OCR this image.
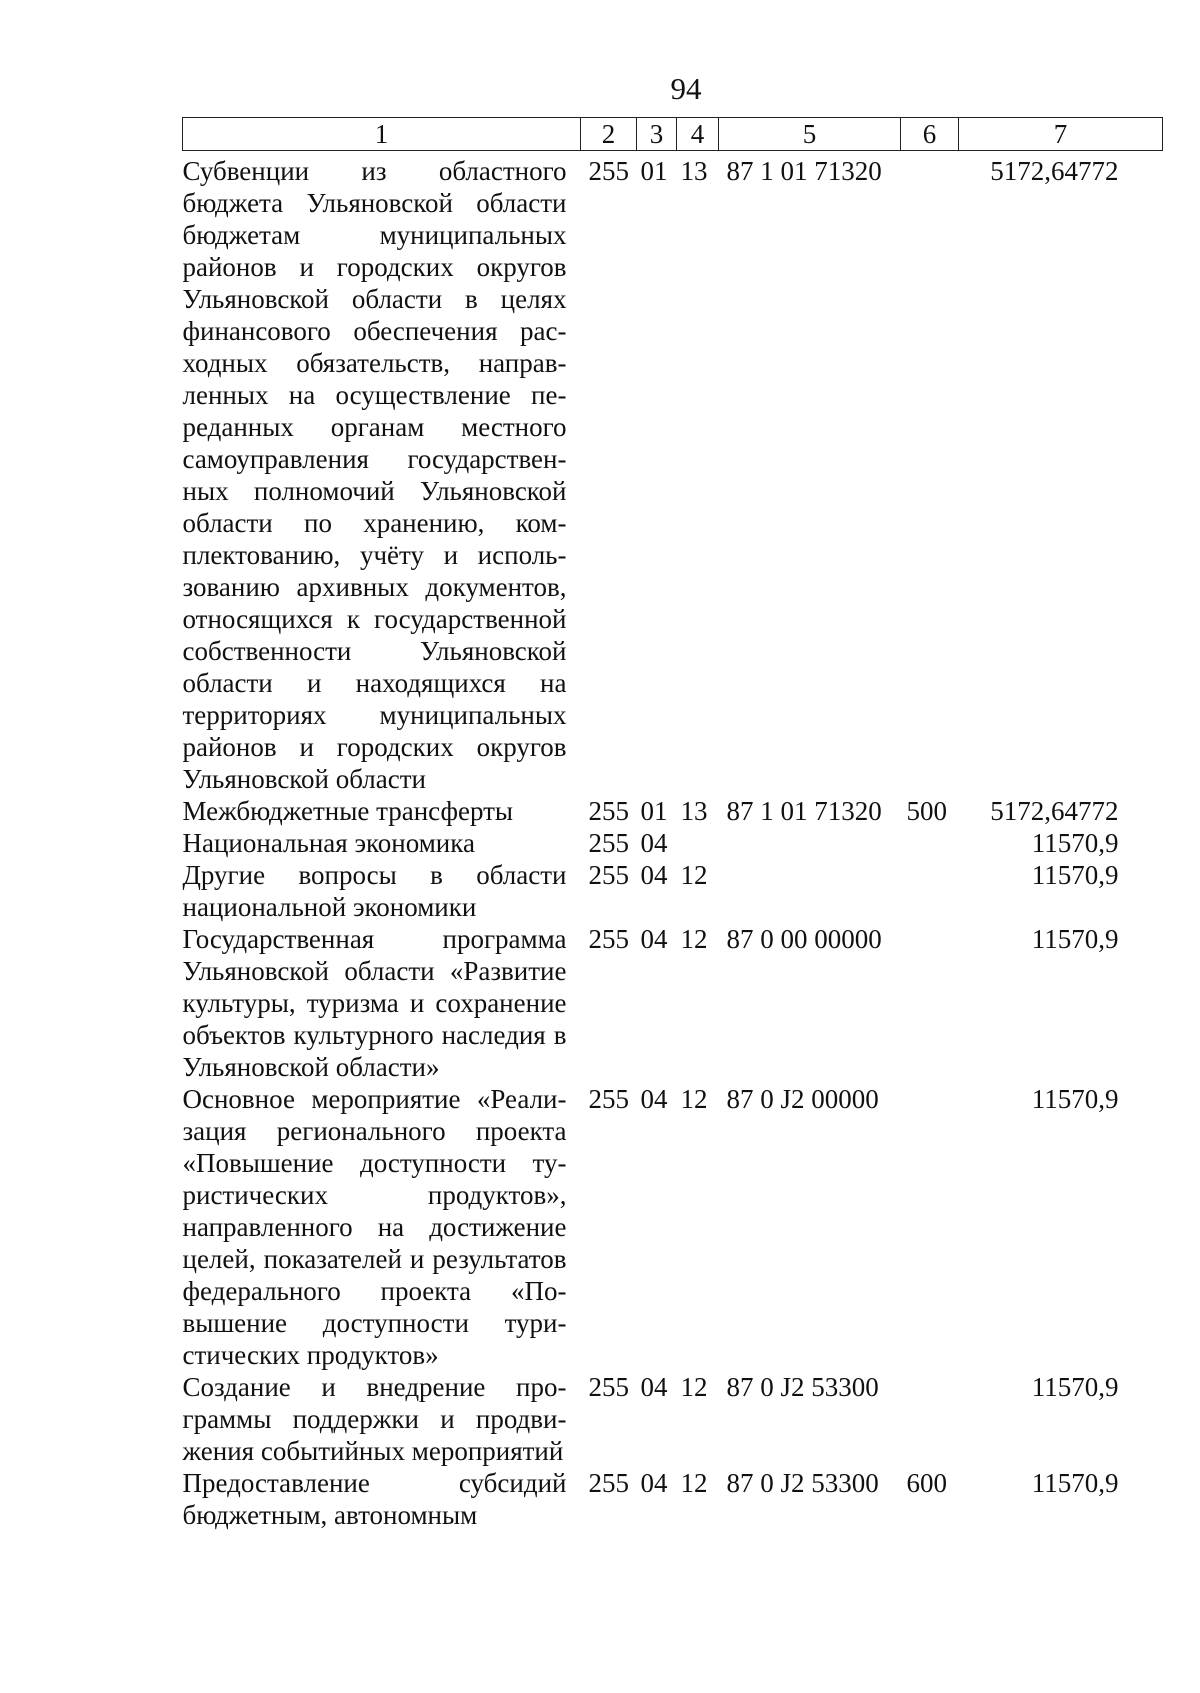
94
1	2	3	4	5	6	7
Субвенции из областного бюджета Ульяновской области бюджетам муниципальных районов и городских округов Ульяновской области в целях финансового обеспечения расходных обязательств, направленных на осуществление переданных органам местного самоуправления государственных полномочий Ульяновской области по хранению, комплектованию, учёту и использованию архивных документов, относящихся к государственной собственности Ульяновской области и находящихся на территориях муниципальных районов и городских округов Ульяновской области	255	01	13	87 1 01 71320		5172,64772
Межбюджетные трансферты	255	01	13	87 1 01 71320	500	5172,64772
Национальная экономика	255	04				11570,9
Другие вопросы в области национальной экономики	255	04	12			11570,9
Государственная программа Ульяновской области «Развитие культуры, туризма и сохранение объектов культурного наследия в Ульяновской области»	255	04	12	87 0 00 00000		11570,9
Основное мероприятие «Реализация регионального проекта «Повышение доступности туристических продуктов», направленного на достижение целей, показателей и результатов федерального проекта «Повышение доступности туристических продуктов»	255	04	12	87 0 J2 00000		11570,9
Создание и внедрение программы поддержки и продвижения событийных мероприятий	255	04	12	87 0 J2 53300		11570,9
Предоставление субсидий бюджетным, автономным	255	04	12	87 0 J2 53300	600	11570,9
